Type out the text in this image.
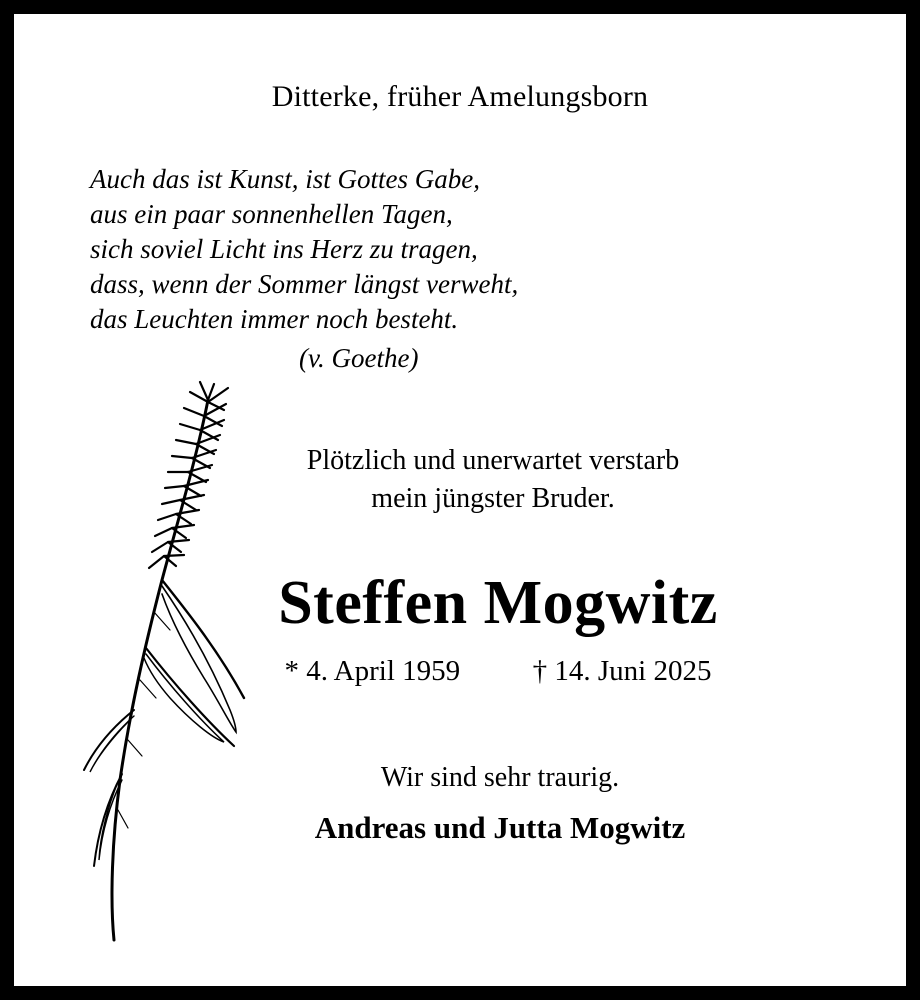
Ditterke, früher Amelungsborn
Auch das ist Kunst, ist Gottes Gabe,
aus ein paar sonnenhellen Tagen,
sich soviel Licht ins Herz zu tragen,
dass, wenn der Sommer längst verweht,
das Leuchten immer noch besteht.
(v. Goethe)
Plötzlich und unerwartet verstarb
mein jüngster Bruder.
Steffen Mogwitz
* 4. April 1959	† 14. Juni 2025
Wir sind sehr traurig.
Andreas und Jutta Mogwitz
